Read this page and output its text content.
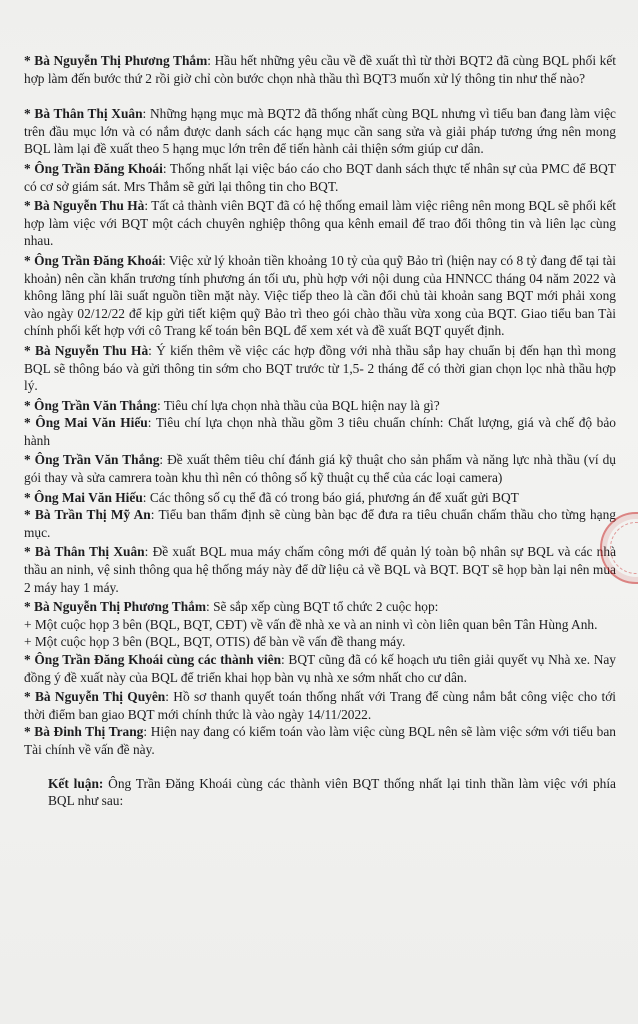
* Bà Nguyễn Thị Phương Thắm: Hầu hết những yêu cầu về đề xuất thì từ thời BQT2 đã cùng BQL phối kết hợp làm đến bước thứ 2 rồi giờ chỉ còn bước chọn nhà thầu thì BQT3 muốn xử lý thông tin như thế nào?

* Bà Thân Thị Xuân: Những hạng mục mà BQT2 đã thống nhất cùng BQL nhưng vì tiểu ban đang làm việc trên đầu mục lớn và có nắm được danh sách các hạng mục cần sang sửa và giải pháp tương ứng nên mong BQL làm lại đề xuất theo 5 hạng mục lớn trên để tiến hành cải thiện sớm giúp cư dân.

* Ông Trần Đăng Khoái: Thống nhất lại việc báo cáo cho BQT danh sách thực tế nhân sự của PMC để BQT có cơ sở giám sát. Mrs Thắm sẽ gửi lại thông tin cho BQT.

* Bà Nguyễn Thu Hà: Tất cả thành viên BQT đã có hệ thống email làm việc riêng nên mong BQL sẽ phối kết hợp làm việc với BQT một cách chuyên nghiệp thông qua kênh email để trao đổi thông tin và liên lạc cùng nhau.

* Ông Trần Đăng Khoái: Việc xử lý khoản tiền khoảng 10 tỷ của quỹ Bảo trì (hiện nay có 8 tỷ đang để tại tài khoản) nên cần khẩn trương tính phương án tối ưu, phù hợp với nội dung của HNNCC tháng 04 năm 2022 và không lãng phí lãi suất nguồn tiền mặt này. Việc tiếp theo là cần đổi chủ tài khoản sang BQT mới phải xong vào ngày 02/12/22 để kịp gửi tiết kiệm quỹ Bảo trì theo gói chào thầu vừa xong của BQT. Giao tiểu ban Tài chính phối kết hợp với cô Trang kế toán bên BQL để xem xét và đề xuất BQT quyết định.

* Bà Nguyễn Thu Hà: Ý kiến thêm về việc các hợp đồng với nhà thầu sắp hay chuẩn bị đến hạn thì mong BQL sẽ thông báo và gửi thông tin sớm cho BQT trước từ 1,5- 2 tháng để có thời gian chọn lọc nhà thầu hợp lý.

* Ông Trần Văn Thắng: Tiêu chí lựa chọn nhà thầu của BQL hiện nay là gì?

* Ông Mai Văn Hiếu: Tiêu chí lựa chọn nhà thầu gồm 3 tiêu chuẩn chính: Chất lượng, giá và chế độ bảo hành

* Ông Trần Văn Thắng: Đề xuất thêm tiêu chí đánh giá kỹ thuật cho sản phẩm và năng lực nhà thầu (ví dụ gói thay và sửa camrera toàn khu thì nên có thông số kỹ thuật cụ thể của các loại camera)

* Ông Mai Văn Hiếu: Các thông số cụ thể đã có trong báo giá, phương án để xuất gửi BQT

* Bà Trần Thị Mỹ An: Tiểu ban thẩm định sẽ cùng bàn bạc để đưa ra tiêu chuẩn chấm thầu cho từng hạng mục.

* Bà Thân Thị Xuân: Đề xuất BQL mua máy chấm công mới để quản lý toàn bộ nhân sự BQL và các nhà thầu an ninh, vệ sinh thông qua hệ thống máy này để dữ liệu cả về BQL và BQT. BQT sẽ họp bàn lại nên mua 2 máy hay 1 máy.

* Bà Nguyễn Thị Phương Thắm: Sẽ sắp xếp cùng BQT tổ chức 2 cuộc họp:

+ Một cuộc họp 3 bên (BQL, BQT, CĐT) về vấn đề nhà xe và an ninh vì còn liên quan bên Tân Hùng Anh.

+ Một cuộc họp 3 bên (BQL, BQT, OTIS) để bàn về vấn đề thang máy.

* Ông Trần Đăng Khoái cùng các thành viên: BQT cũng đã có kế hoạch ưu tiên giải quyết vụ Nhà xe. Nay đồng ý đề xuất này của BQL để triển khai họp bàn vụ nhà xe sớm nhất cho cư dân.

* Bà Nguyễn Thị Quyên: Hồ sơ thanh quyết toán thống nhất với Trang để cùng nắm bắt công việc cho tới thời điểm ban giao BQT mới chính thức là vào ngày 14/11/2022.

* Bà Đinh Thị Trang: Hiện nay đang có kiểm toán vào làm việc cùng BQL nên sẽ làm việc sớm với tiểu ban Tài chính về vấn đề này.

Kết luận: Ông Trần Đăng Khoái cùng các thành viên BQT thống nhất lại tinh thần làm việc với phía BQL như sau:
